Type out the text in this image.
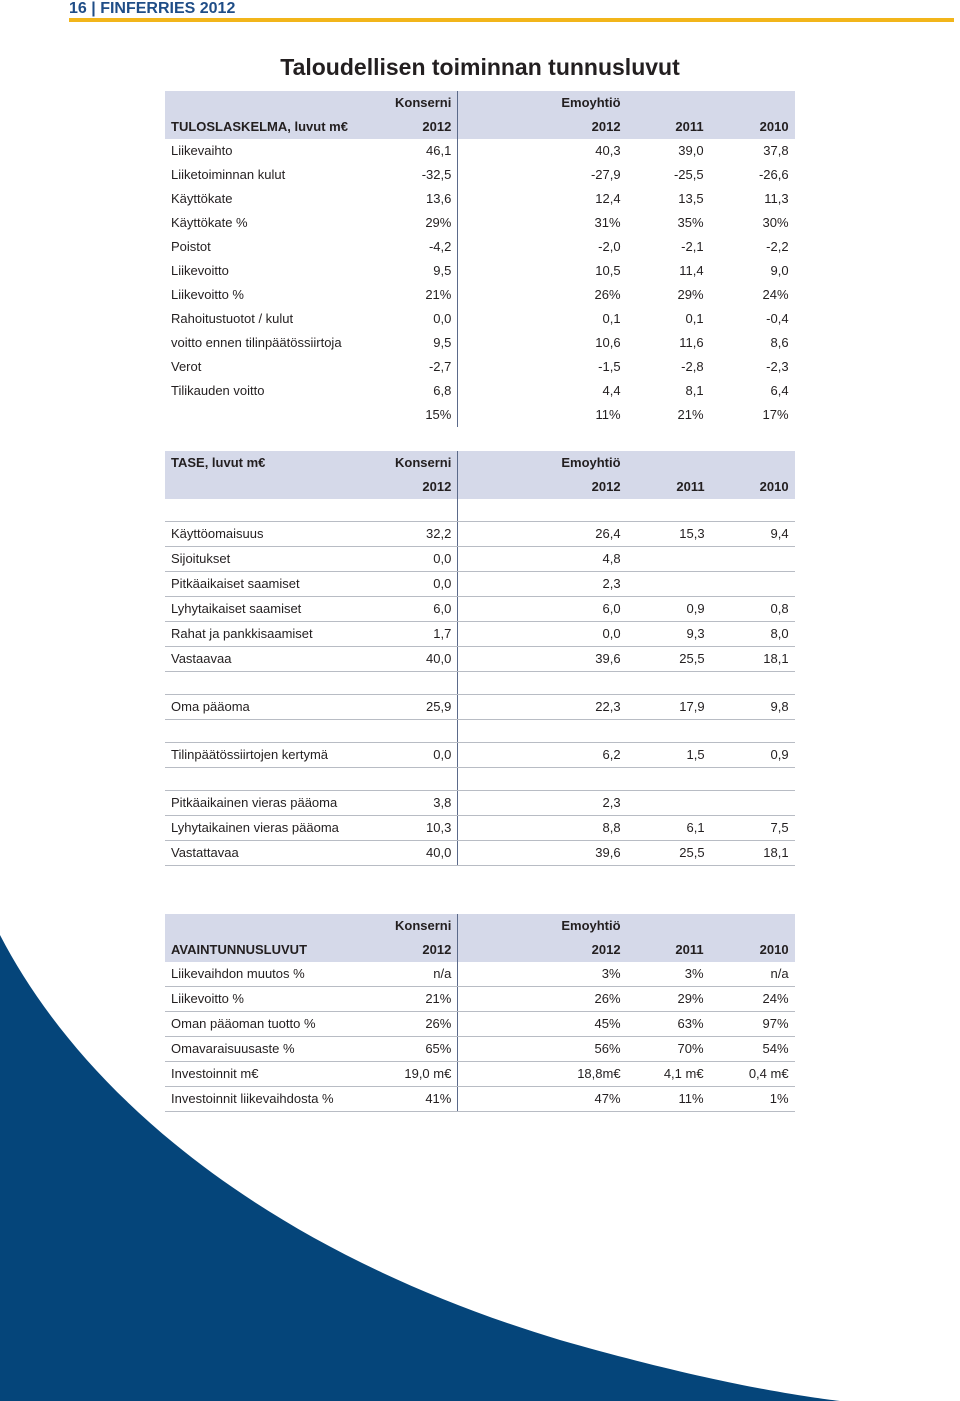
16 | FINFERRIES 2012
Taloudellisen toiminnan tunnusluvut
	Konserni	Emoyhtiö		
TULOSLASKELMA, luvut m€	2012	2012	2011	2010
Liikevaihto	46,1	40,3	39,0	37,8
Liiketoiminnan kulut	-32,5	-27,9	-25,5	-26,6
Käyttökate	13,6	12,4	13,5	11,3
Käyttökate %	29%	31%	35%	30%
Poistot	-4,2	-2,0	-2,1	-2,2
Liikevoitto	9,5	10,5	11,4	9,0
Liikevoitto %	21%	26%	29%	24%
Rahoitustuotot / kulut	0,0	0,1	0,1	-0,4
voitto ennen tilinpäätössiirtoja	9,5	10,6	11,6	8,6
Verot	-2,7	-1,5	-2,8	-2,3
Tilikauden voitto	6,8	4,4	8,1	6,4
	15%	11%	21%	17%
TASE, luvut m€	Konserni	Emoyhtiö		
	2012	2012	2011	2010

Käyttöomaisuus	32,2	26,4	15,3	9,4
Sijoitukset	0,0	4,8		
Pitkäaikaiset saamiset	0,0	2,3		
Lyhytaikaiset saamiset	6,0	6,0	0,9	0,8
Rahat ja pankkisaamiset	1,7	0,0	9,3	8,0
Vastaavaa	40,0	39,6	25,5	18,1

Oma pääoma	25,9	22,3	17,9	9,8

Tilinpäätössiirtojen kertymä	0,0	6,2	1,5	0,9

Pitkäaikainen vieras pääoma	3,8	2,3		
Lyhytaikainen vieras pääoma	10,3	8,8	6,1	7,5
Vastattavaa	40,0	39,6	25,5	18,1
	Konserni	Emoyhtiö		
AVAINTUNNUSLUVUT	2012	2012	2011	2010
Liikevaihdon muutos %	n/a	3%	3%	n/a
Liikevoitto %	21%	26%	29%	24%
Oman pääoman tuotto %	26%	45%	63%	97%
Omavaraisuusaste %	65%	56%	70%	54%
Investoinnit m€	19,0 m€	18,8m€	4,1 m€	0,4 m€
Investoinnit liikevaihdosta %	41%	47%	11%	1%
